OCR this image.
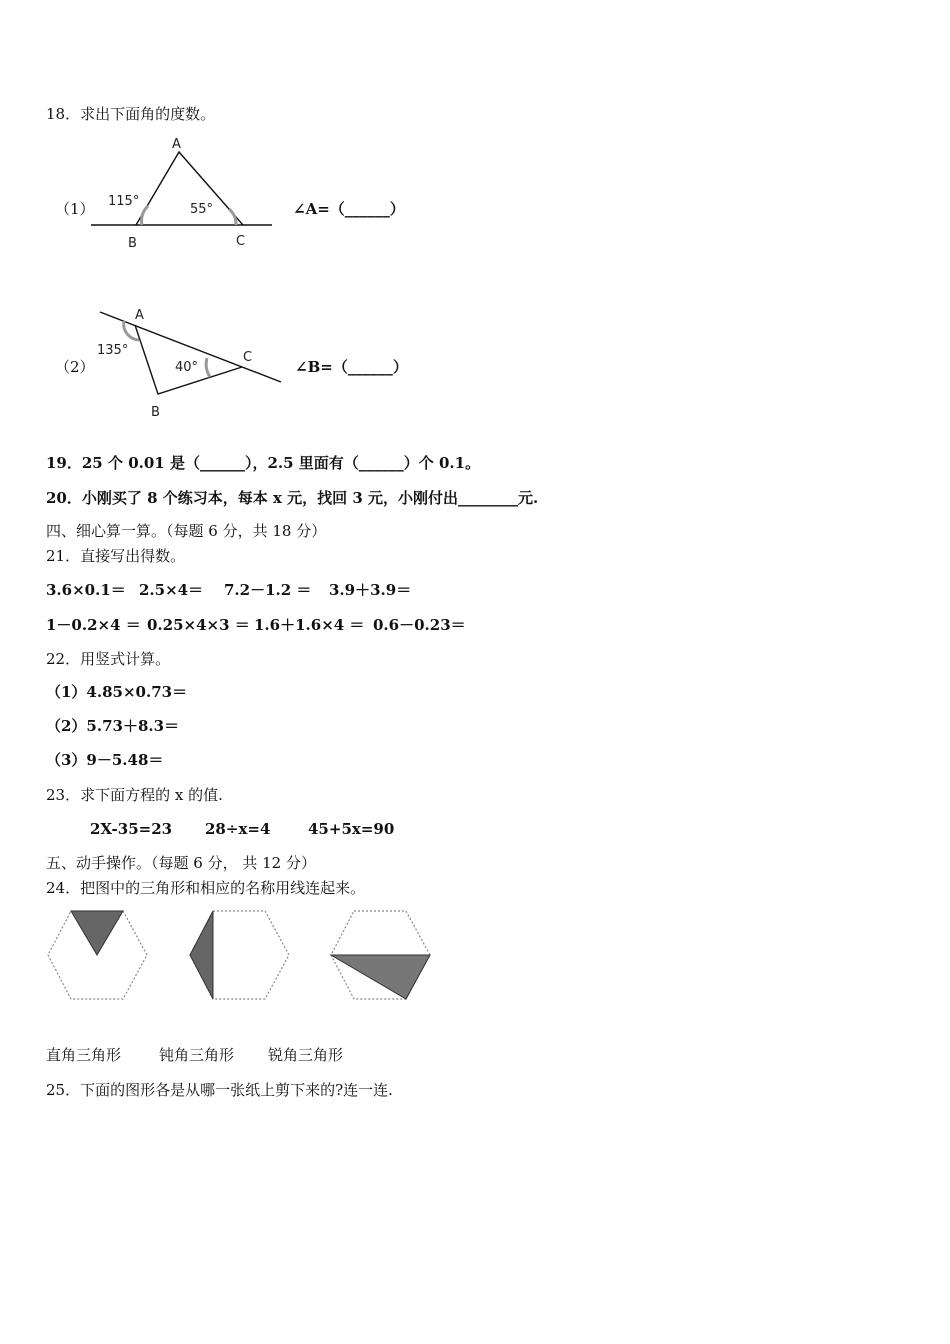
18．求出下面角的度数。
（1）
A
B	C
115°
55°	∠A=（______）
（2）
A
B
C
135°
40°	∠B=（______）
19．25 个 0.01 是（______），2.5 里面有（______）个 0.1。
20．小刚买了 8 个练习本，每本 x 元，找回 3 元，小刚付出________元.
四、细心算一算。（每题 6 分，共 18 分）
21．直接写出得数。
3.6×0.1＝ 2.5×4＝ 7.2－1.2 ＝ 3.9＋3.9＝
1－0.2×4 ＝ 0.25×4×3 ＝ 1.6＋1.6×4 ＝ 0.6－0.23＝
22．用竖式计算。
（1）4.85×0.73＝
（2）5.73＋8.3＝
（3）9－5.48＝
23．求下面方程的 x 的值.
2X-35=23 28÷x=4	45+5x=90
五、动手操作。（每题 6 分， 共 12 分）
24．把图中的三角形和相应的名称用线连起来。
直角三角形	钝角三角形 锐角三角形
25．下面的图形各是从哪一张纸上剪下来的?连一连.
